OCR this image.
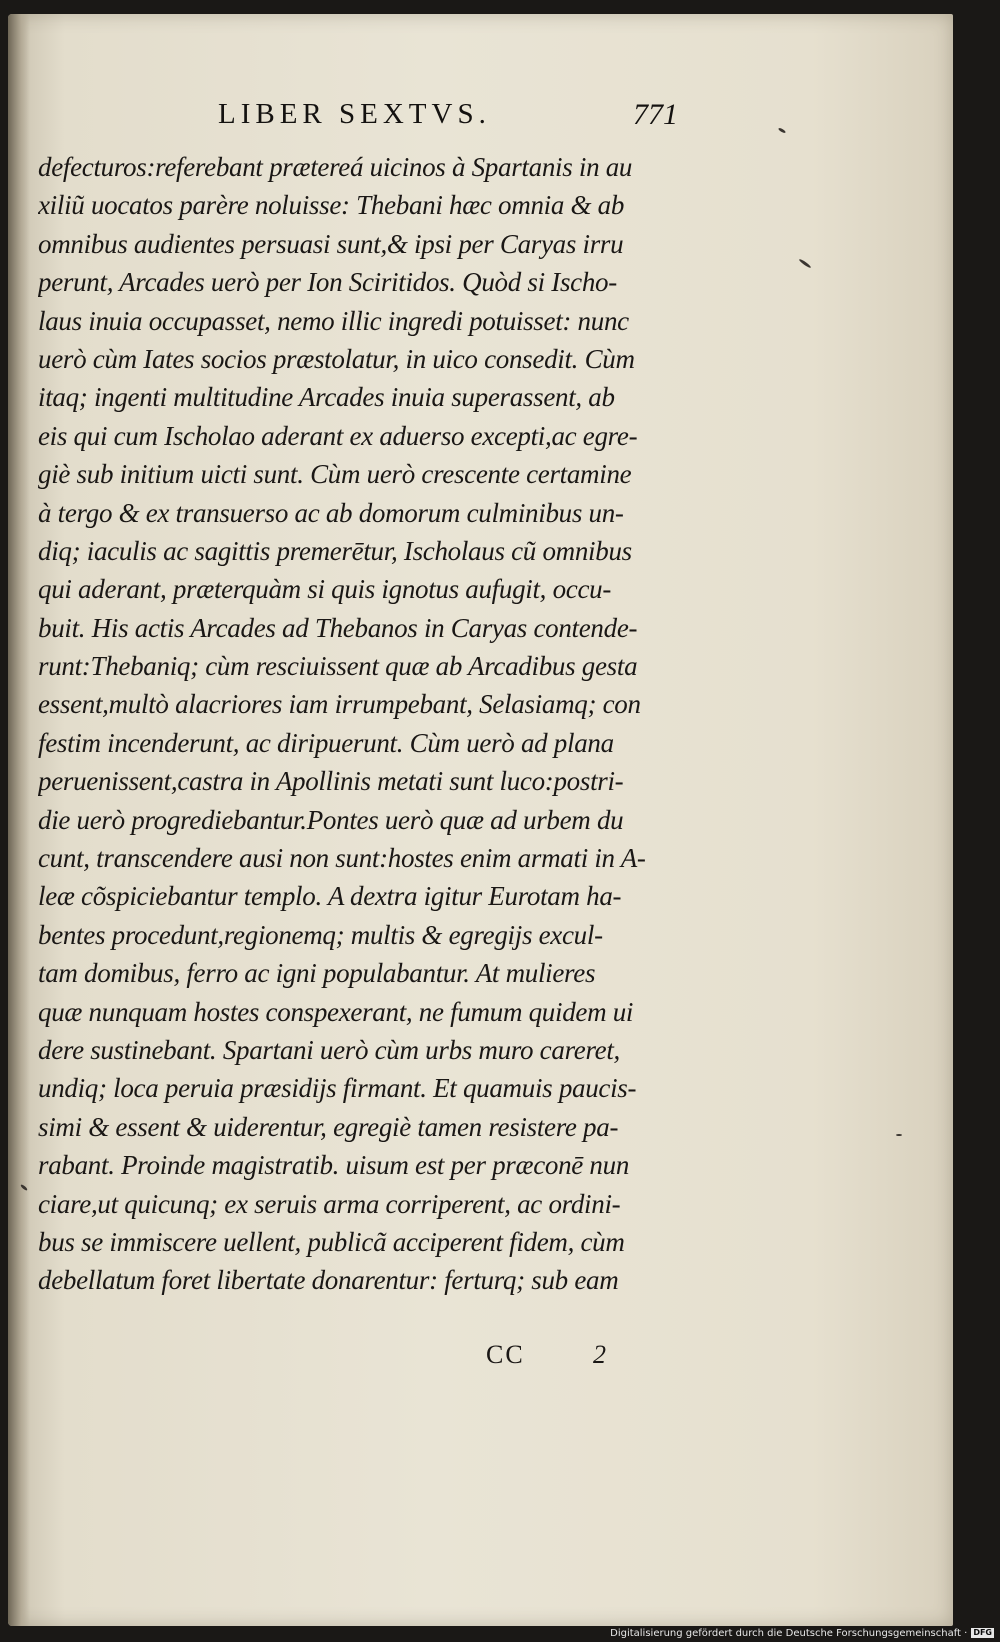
LIBER SEXTVS.	771
defecturos:referebant prætereá uicinos à Spartanis in au
xiliũ uocatos parère noluisse: Thebani hæc omnia & ab
omnibus audientes persuasi sunt,& ipsi per Caryas irru
perunt, Arcades uerò per Ion Sciritidos. Quòd si Ischo-
laus inuia occupasset, nemo illic ingredi potuisset: nunc
uerò cùm Iates socios præstolatur, in uico consedit. Cùm
itaq; ingenti multitudine Arcades inuia superassent, ab
eis qui cum Ischolao aderant ex aduerso excepti,ac egre-
giè sub initium uicti sunt. Cùm uerò crescente certamine
à tergo & ex transuerso ac ab domorum culminibus un-
diq; iaculis ac sagittis premerētur, Ischolaus cũ omnibus
qui aderant, præterquàm si quis ignotus aufugit, occu-
buit. His actis Arcades ad Thebanos in Caryas contende-
runt:Thebaniq; cùm resciuissent quæ ab Arcadibus gesta
essent,multò alacriores iam irrumpebant, Selasiamq; con
festim incenderunt, ac diripuerunt. Cùm uerò ad plana
peruenissent,castra in Apollinis metati sunt luco:postri-
die uerò progrediebantur.Pontes uerò quæ ad urbem du
cunt, transcendere ausi non sunt:hostes enim armati in A-
leæ cõspiciebantur templo. A dextra igitur Eurotam ha-
bentes procedunt,regionemq; multis & egregijs excul-
tam domibus, ferro ac igni populabantur. At mulieres
quæ nunquam hostes conspexerant, ne fumum quidem ui
dere sustinebant. Spartani uerò cùm urbs muro careret,
undiq; loca peruia præsidijs firmant. Et quamuis paucis-
simi & essent & uiderentur, egregiè tamen resistere pa-
rabant. Proinde magistratib. uisum est per præconē nun
ciare,ut quicunq; ex seruis arma corriperent, ac ordini-
bus se immiscere uellent, publicã acciperent fidem, cùm
debellatum foret libertate donarentur: ferturq; sub eam
CC	2
Digitalisierung gefördert durch die Deutsche Forschungsgemeinschaft · DFG
